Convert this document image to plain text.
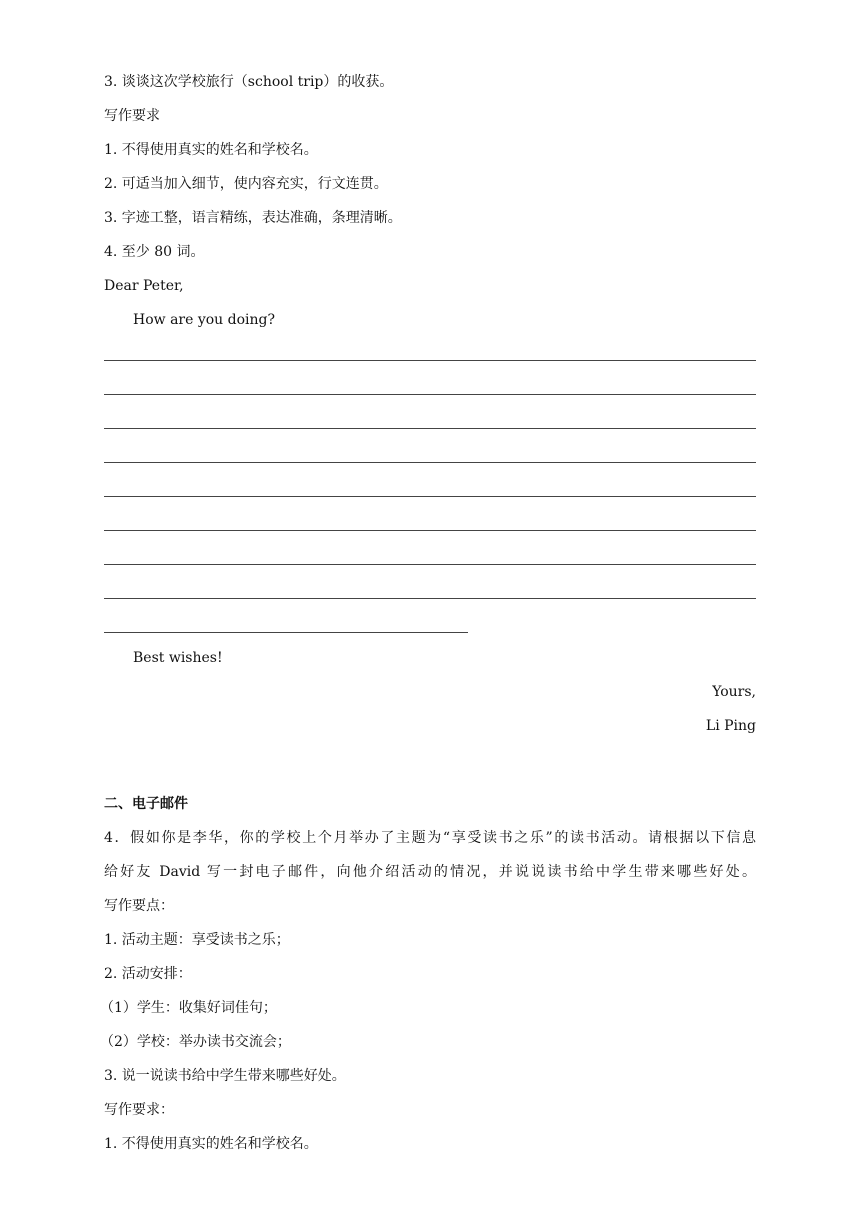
3. 谈谈这次学校旅行（school trip）的收获。
写作要求
1. 不得使用真实的姓名和学校名。
2. 可适当加入细节，使内容充实，行文连贯。
3. 字迹工整，语言精练，表达准确，条理清晰。
4. 至少 80 词。
Dear Peter,
How are you doing?
Best wishes!
Yours,
Li Ping
二、电子邮件
4．假如你是李华，你的学校上个月举办了主题为“享受读书之乐”的读书活动。请根据以下信息
给好友 David 写一封电子邮件，向他介绍活动的情况，并说说读书给中学生带来哪些好处。
写作要点：
1. 活动主题：享受读书之乐；
2. 活动安排：
（1）学生：收集好词佳句；
（2）学校：举办读书交流会；
3. 说一说读书给中学生带来哪些好处。
写作要求：
1. 不得使用真实的姓名和学校名。
